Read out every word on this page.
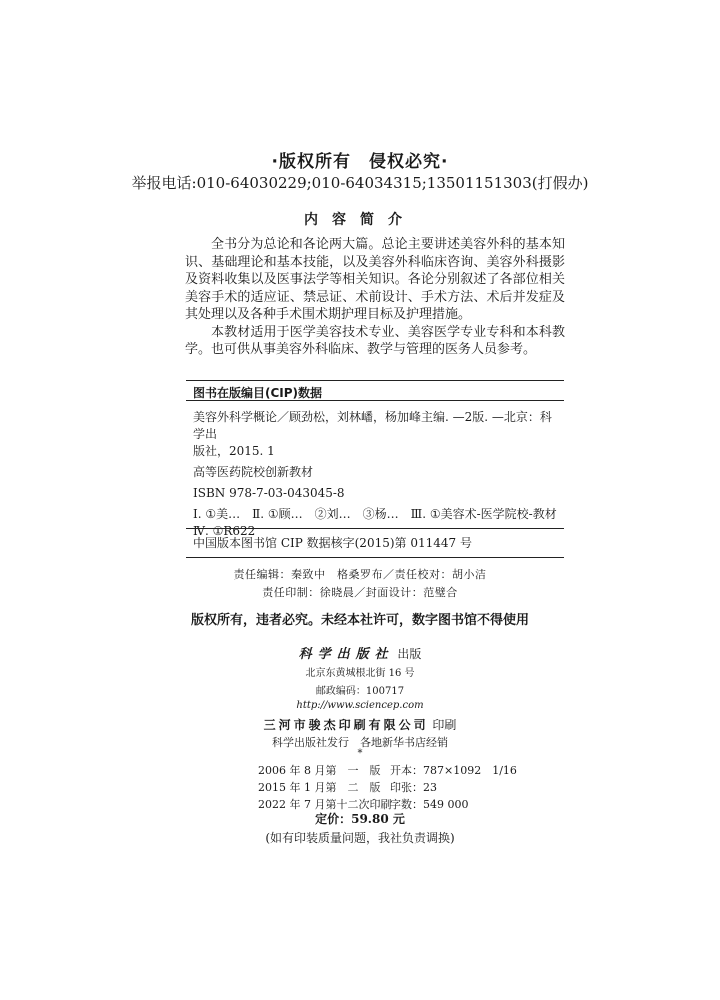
·版权所有　侵权必究·
举报电话:010-64030229;010-64034315;13501151303(打假办)
内容简介

全书分为总论和各论两大篇。总论主要讲述美容外科的基本知识、基础理论和基本技能，以及美容外科临床咨询、美容外科摄影及资料收集以及医事法学等相关知识。各论分别叙述了各部位相关美容手术的适应证、禁忌证、术前设计、手术方法、术后并发症及其处理以及各种手术围术期护理目标及护理措施。

本教材适用于医学美容技术专业、美容医学专业专科和本科教学。也可供从事美容外科临床、教学与管理的医务人员参考。

图书在版编目(CIP)数据
美容外科学概论／顾劲松，刘林嶓，杨加峰主编. —2版. —北京：科学出
版社，2015. 1
高等医药院校创新教材
ISBN 978-7-03-043045-8
Ⅰ. ①美…　Ⅱ. ①顾…　②刘…　③杨…　Ⅲ. ①美容术-医学院校-教材
Ⅳ. ①R622
中国版本图书馆 CIP 数据核字(2015)第 011447 号
责任编辑：秦致中　格桑罗布／责任校对：胡小洁
责任印制：徐晓晨／封面设计：范璧合
版权所有，违者必究。未经本社许可，数字图书馆不得使用
科学出版社 出版
北京东黄城根北街 16 号
邮政编码：100717
http://www.sciencep.com
三河市骏杰印刷有限公司 印刷
科学出版社发行　各地新华书店经销
*
2006 年 8 月第　一　版 开本：787×1092　1/16
2015 年 1 月第　二　版 印张：23
2022 年 7 月第十二次印刷
字数：549 000
定价：59.80 元
(如有印装质量问题，我社负责调换)
